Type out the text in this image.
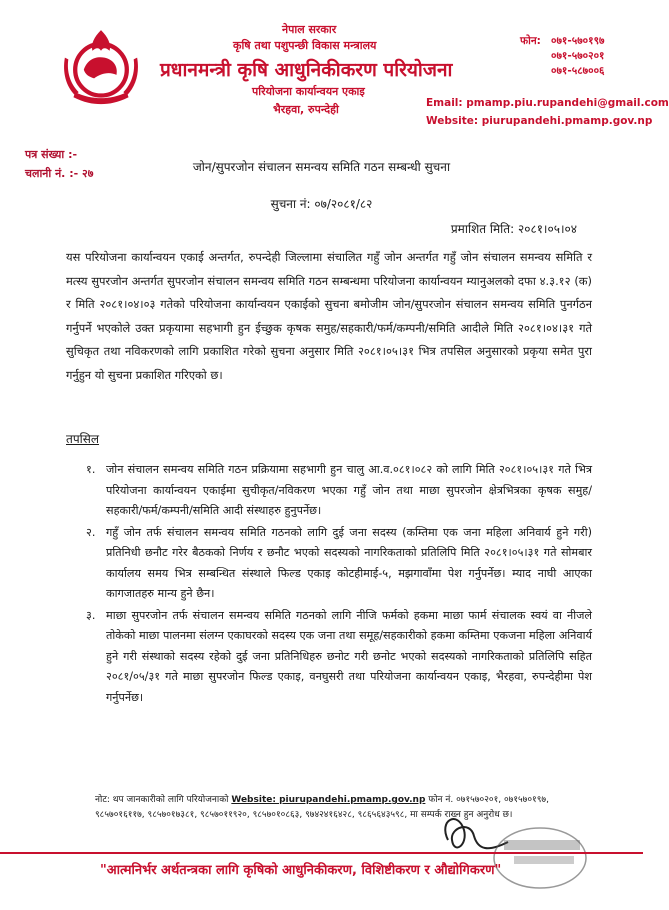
नेपाल सरकार
कृषि तथा पशुपन्छी विकास मन्त्रालय
प्रधानमन्त्री कृषि आधुनिकीकरण परियोजना
परियोजना कार्यान्वयन एकाइ
भैरहवा, रुपन्देही
फोन: ०७१-५७०१९७
०७१-५७०२०१
०७१-५८७००६
Email: pmamp.piu.rupandehi@gmail.com
Website: piurupandehi.pmamp.gov.np
पत्र संख्या :-
चलानी नं. :- २७	जोन/सुपरजोन संचालन समन्वय समिति गठन सम्बन्धी सुचना
सुचना नं: ०७/२०८१/८२
प्रमाशित मिति: २०८१।०५।०४
यस परियोजना कार्यान्वयन एकाई अन्तर्गत, रुपन्देही जिल्लामा संचालित गहुँ जोन अन्तर्गत गहुँ जोन संचालन समन्वय समिति र मत्स्य सुपरजोन अन्तर्गत सुपरजोन संचालन समन्वय समिति गठन सम्बन्धमा परियोजना कार्यान्वयन म्यानुअलको दफा ४.३.१२ (क) र मिति २०८१।०४।०३ गतेको परियोजना कार्यान्वयन एकाईको सुचना बमोजीम जोन/सुपरजोन संचालन समन्वय समिति पुनर्गठन गर्नुपर्ने भएकोले उक्त प्रकृयामा सहभागी हुन ईच्छुक कृषक समुह/सहकारी/फर्म/कम्पनी/समिति आदीले मिति २०८१।०४।३१ गते सुचिकृत तथा नविकरणको लागि प्रकाशित गरेको सुचना अनुसार मिति २०८१।०५।३१ भित्र तपसिल अनुसारको प्रकृया समेत पुरा गर्नुहुन यो सुचना प्रकाशित गरिएको छ।
तपसिल
१. जोन संचालन समन्वय समिति गठन प्रक्रियामा सहभागी हुन चालु आ.व.०८१।०८२ को लागि मिति २०८१।०५।३१ गते भित्र परियोजना कार्यान्वयन एकाईमा सुचीकृत/नविकरण भएका गहुँ जोन तथा माछा सुपरजोन क्षेत्रभित्रका कृषक समुह/सहकारी/फर्म/कम्पनी/समिति आदी संस्थाहरु हुनुपर्नेछ।
२. गहुँ जोन तर्फ संचालन समन्वय समिति गठनको लागि दुई जना सदस्य (कम्तिमा एक जना महिला अनिवार्य हुने गरी) प्रतिनिधी छनौट गरेर बैठकको निर्णय र छनौट भएको सदस्यको नागरिकताको प्रतिलिपि मिति २०८१।०५।३१ गते सोमबार कार्यालय समय भित्र सम्बन्धित संस्थाले फिल्ड एकाइ कोटहीमाई-५, मझगावाँमा पेश गर्नुपर्नेछ। म्याद नाघी आएका कागजातहरु मान्य हुने छैन।
३. माछा सुपरजोन तर्फ संचालन समन्वय समिति गठनको लागि नीजि फर्मको हकमा माछा फार्म संचालक स्वयं वा नीजले तोकेको माछा पालनमा संलग्न एकाघरको सदस्य एक जना तथा समूह/सहकारीको हकमा कम्तिमा एकजना महिला अनिवार्य हुने गरी संस्थाको सदस्य रहेको दुई जना प्रतिनिधिहरु छनोट गरी छनोट भएको सदस्यको नागरिकताको प्रतिलिपि सहित २०८१/०५/३१ गते माछा सुपरजोन फिल्ड एकाइ, वनघुसरी तथा परियोजना कार्यान्वयन एकाइ, भैरहवा, रुपन्देहीमा पेश गर्नुपर्नेछ।
नोट: थप जानकारीको लागि परियोजनाको Website: piurupandehi.pmamp.gov.np फोन नं. ०७१५७०२०१, ०७१५७०१९७, ९८५७०१६११७, ९८५७०१७३८१, ९८५७०११९२०, ९८५७०१०८६३, ९७४२४१६४२८, ९८६५६४३५९८, मा सम्पर्क राख्न हुन अनुरोध छ।
"आत्मनिर्भर अर्थतन्त्रका लागि कृषिको आधुनिकीकरण, विशिष्टीकरण र औद्योगिकरण"
